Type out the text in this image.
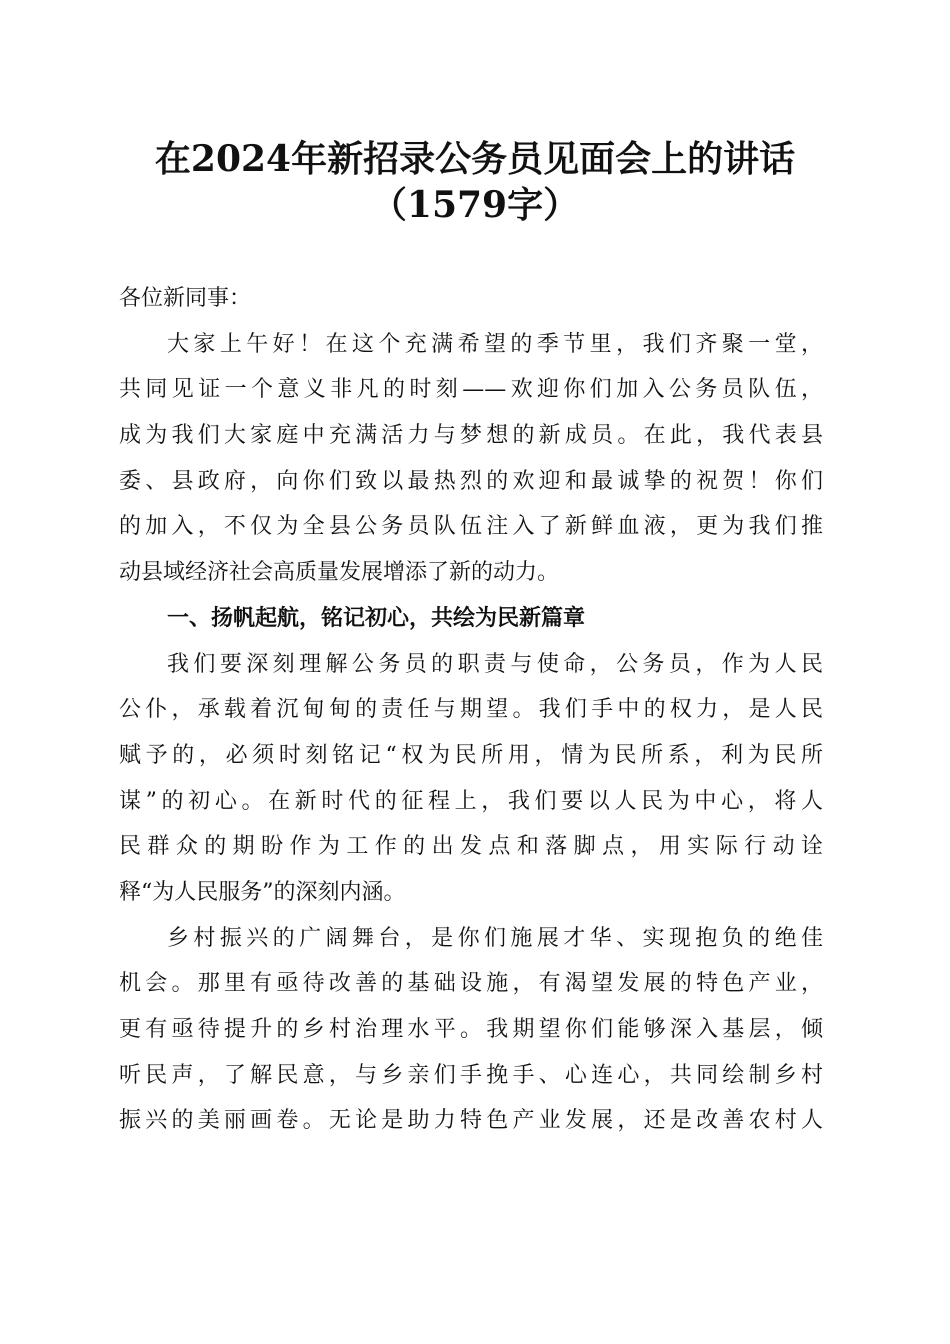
在2024年新招录公务员见面会上的讲话
（1579字）
各位新同事：
大家上午好！在这个充满希望的季节里，我们齐聚一堂，
共同见证一个意义非凡的时刻——欢迎你们加入公务员队伍，
成为我们大家庭中充满活力与梦想的新成员。在此，我代表县
委、县政府，向你们致以最热烈的欢迎和最诚挚的祝贺！你们
的加入，不仅为全县公务员队伍注入了新鲜血液，更为我们推
动县域经济社会高质量发展增添了新的动力。
一、扬帆起航，铭记初心，共绘为民新篇章
我们要深刻理解公务员的职责与使命，公务员，作为人民
公仆，承载着沉甸甸的责任与期望。我们手中的权力，是人民
赋予的，必须时刻铭记“权为民所用，情为民所系，利为民所
谋”的初心。在新时代的征程上，我们要以人民为中心，将人
民群众的期盼作为工作的出发点和落脚点，用实际行动诠
释“为人民服务”的深刻内涵。
乡村振兴的广阔舞台，是你们施展才华、实现抱负的绝佳
机会。那里有亟待改善的基础设施，有渴望发展的特色产业，
更有亟待提升的乡村治理水平。我期望你们能够深入基层，倾
听民声，了解民意，与乡亲们手挽手、心连心，共同绘制乡村
振兴的美丽画卷。无论是助力特色产业发展，还是改善农村人
